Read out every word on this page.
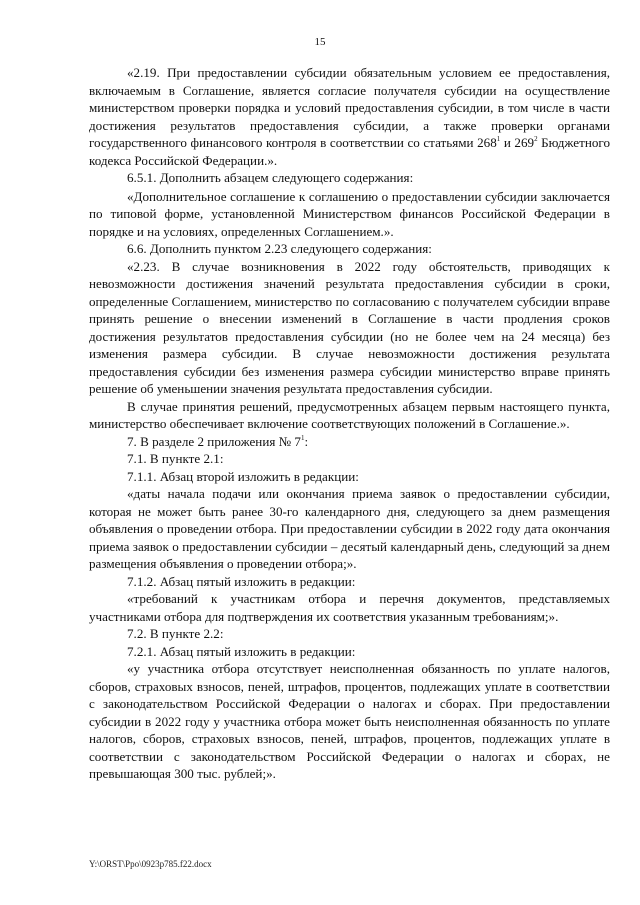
15

«2.19. При предоставлении субсидии обязательным условием ее предоставления, включаемым в Соглашение, является согласие получателя субсидии на осуществление министерством проверки порядка и условий предоставления субсидии, в том числе в части достижения результатов предоставления субсидии, а также проверки органами государственного финансового контроля в соответствии со статьями $268^1$ и $269^2$ Бюджетного кодекса Российской Федерации.».

6.5.1. Дополнить абзацем следующего содержания:

«Дополнительное соглашение к соглашению о предоставлении субсидии заключается по типовой форме, установленной Министерством финансов Российской Федерации в порядке и на условиях, определенных Соглашением.».

6.6. Дополнить пунктом 2.23 следующего содержания:

«2.23. В случае возникновения в 2022 году обстоятельств, приводящих к невозможности достижения значений результата предоставления субсидии в сроки, определенные Соглашением, министерство по согласованию с получателем субсидии вправе принять решение о внесении изменений в Соглашение в части продления сроков достижения результатов предоставления субсидии (но не более чем на 24 месяца) без изменения размера субсидии. В случае невозможности достижения результата предоставления субсидии без изменения размера субсидии министерство вправе принять решение об уменьшении значения результата предоставления субсидии.

В случае принятия решений, предусмотренных абзацем первым настоящего пункта, министерство обеспечивает включение соответствующих положений в Соглашение.».

7. В разделе 2 приложения № $7^1$:

7.1. В пункте 2.1:

7.1.1. Абзац второй изложить в редакции:

«даты начала подачи или окончания приема заявок о предоставлении субсидии, которая не может быть ранее 30-го календарного дня, следующего за днем размещения объявления о проведении отбора. При предоставлении субсидии в 2022 году дата окончания приема заявок о предоставлении субсидии – десятый календарный день, следующий за днем размещения объявления о проведении отбора;».

7.1.2. Абзац пятый изложить в редакции:

«требований к участникам отбора и перечня документов, представляемых участниками отбора для подтверждения их соответствия указанным требованиям;».

7.2. В пункте 2.2:

7.2.1. Абзац пятый изложить в редакции:

«у участника отбора отсутствует неисполненная обязанность по уплате налогов, сборов, страховых взносов, пеней, штрафов, процентов, подлежащих уплате в соответствии с законодательством Российской Федерации о налогах и сборах. При предоставлении субсидии в 2022 году у участника отбора может быть неисполненная обязанность по уплате налогов, сборов, страховых взносов, пеней, штрафов, процентов, подлежащих уплате в соответствии с законодательством Российской Федерации о налогах и сборах, не превышающая 300 тыс. рублей;».

Y:\ORST\Ppo\0923p785.f22.docx
